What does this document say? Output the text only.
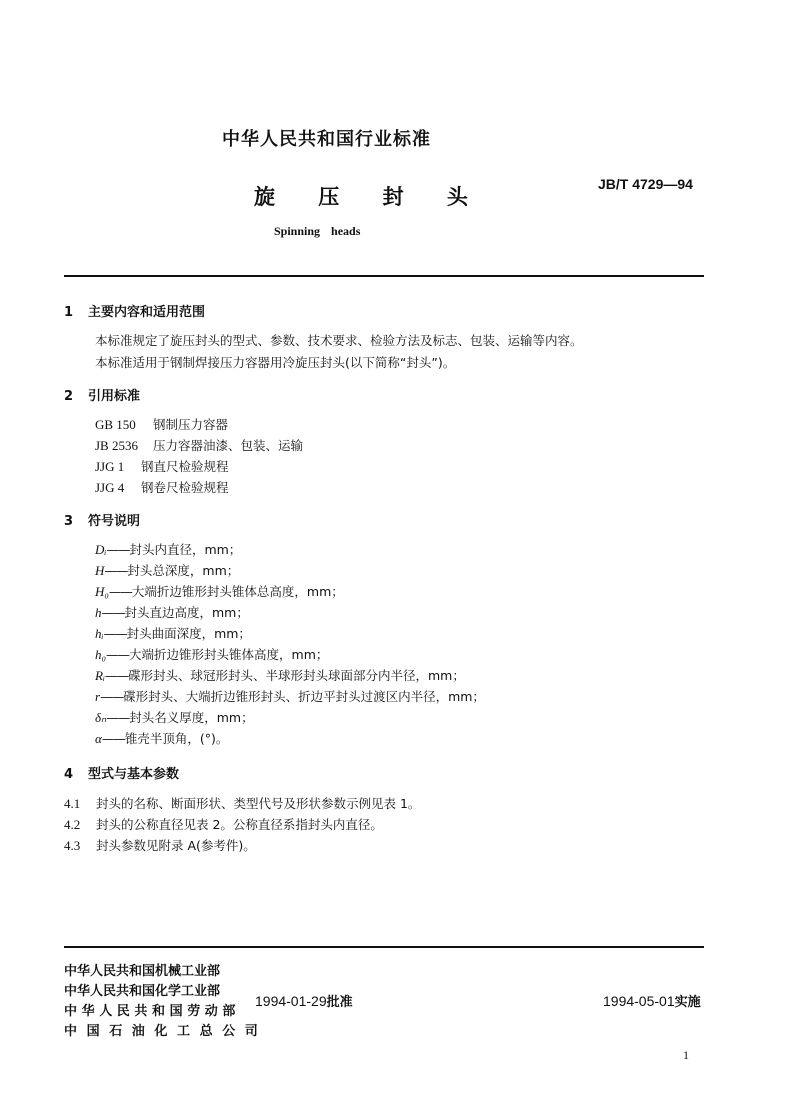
中华人民共和国行业标准
旋 压 封 头
JB/T 4729—94
Spinning heads
1 主要内容和适用范围
本标准规定了旋压封头的型式、参数、技术要求、检验方法及标志、包装、运输等内容。
本标准适用于钢制焊接压力容器用冷旋压封头(以下简称“封头”)。
2 引用标准
GB 150 钢制压力容器
JB 2536 压力容器油漆、包装、运输
JJG 1 钢直尺检验规程
JJG 4 钢卷尺检验规程
3 符号说明
Dᵢ——封头内直径，mm；
H——封头总深度，mm；
H₀——大端折边锥形封头锥体总高度，mm；
h——封头直边高度，mm；
hᵢ——封头曲面深度，mm；
h₀——大端折边锥形封头锥体高度，mm；
Rᵢ——碟形封头、球冠形封头、半球形封头球面部分内半径，mm；
r——碟形封头、大端折边锥形封头、折边平封头过渡区内半径，mm；
δₙ——封头名义厚度，mm；
α——锥壳半顶角，(°)。
4 型式与基本参数
4.1 封头的名称、断面形状、类型代号及形状参数示例见表 1。
4.2 封头的公称直径见表 2。公称直径系指封头内直径。
4.3 封头参数见附录 A(参考件)。
中华人民共和国机械工业部
中华人民共和国化学工业部
中华人民共和国劳动部
中国石油化工总公司
1994-01-29批准	1994-05-01实施
1
